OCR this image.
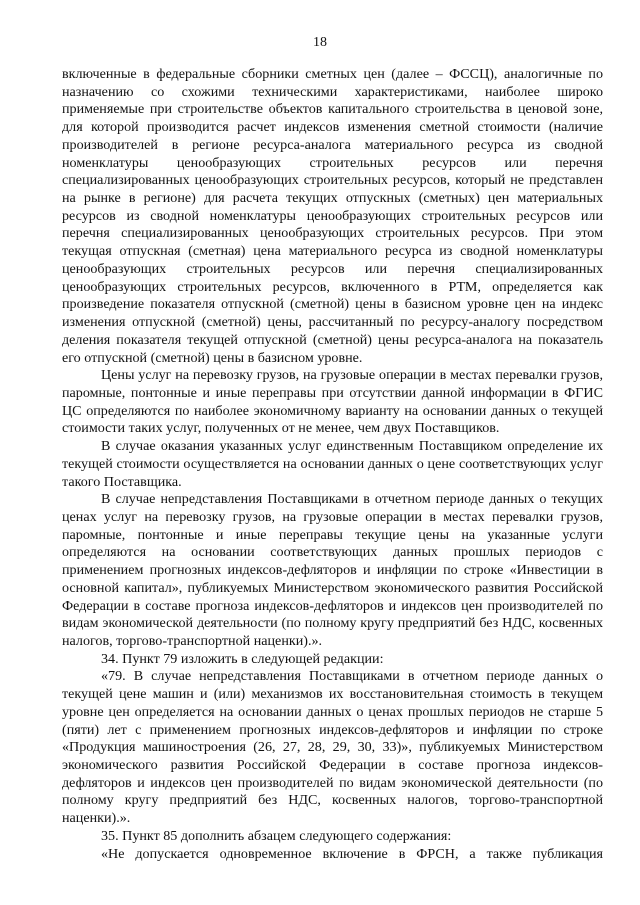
18

включенные в федеральные сборники сметных цен (далее – ФССЦ), аналогичные по назначению со схожими техническими характеристиками, наиболее широко применяемые при строительстве объектов капитального строительства в ценовой зоне, для которой производится расчет индексов изменения сметной стоимости (наличие производителей в регионе ресурса-аналога материального ресурса из сводной номенклатуры ценообразующих строительных ресурсов или перечня специализированных ценообразующих строительных ресурсов, который не представлен на рынке в регионе) для расчета текущих отпускных (сметных) цен материальных ресурсов из сводной номенклатуры ценообразующих строительных ресурсов или перечня специализированных ценообразующих строительных ресурсов. При этом текущая отпускная (сметная) цена материального ресурса из сводной номенклатуры ценообразующих строительных ресурсов или перечня специализированных ценообразующих строительных ресурсов, включенного в РТМ, определяется как произведение показателя отпускной (сметной) цены в базисном уровне цен на индекс изменения отпускной (сметной) цены, рассчитанный по ресурсу-аналогу посредством деления показателя текущей отпускной (сметной) цены ресурса-аналога на показатель его отпускной (сметной) цены в базисном уровне.

Цены услуг на перевозку грузов, на грузовые операции в местах перевалки грузов, паромные, понтонные и иные переправы при отсутствии данной информации в ФГИС ЦС определяются по наиболее экономичному варианту на основании данных о текущей стоимости таких услуг, полученных от не менее, чем двух Поставщиков.

В случае оказания указанных услуг единственным Поставщиком определение их текущей стоимости осуществляется на основании данных о цене соответствующих услуг такого Поставщика.

В случае непредставления Поставщиками в отчетном периоде данных о текущих ценах услуг на перевозку грузов, на грузовые операции в местах перевалки грузов, паромные, понтонные и иные переправы текущие цены на указанные услуги определяются на основании соответствующих данных прошлых периодов с применением прогнозных индексов-дефляторов и инфляции по строке «Инвестиции в основной капитал», публикуемых Министерством экономического развития Российской Федерации в составе прогноза индексов-дефляторов и индексов цен производителей по видам экономической деятельности (по полному кругу предприятий без НДС, косвенных налогов, торгово-транспортной наценки).».

34. Пункт 79 изложить в следующей редакции:

«79. В случае непредставления Поставщиками в отчетном периоде данных о текущей цене машин и (или) механизмов их восстановительная стоимость в текущем уровне цен определяется на основании данных о ценах прошлых периодов не старше 5 (пяти) лет с применением прогнозных индексов-дефляторов и инфляции по строке «Продукция машиностроения (26, 27, 28, 29, 30, 33)», публикуемых Министерством экономического развития Российской Федерации в составе прогноза индексов-дефляторов и индексов цен производителей по видам экономической деятельности (по полному кругу предприятий без НДС, косвенных налогов, торгово-транспортной наценки).».

35. Пункт 85 дополнить абзацем следующего содержания:

«Не допускается одновременное включение в ФРСН, а также публикация
